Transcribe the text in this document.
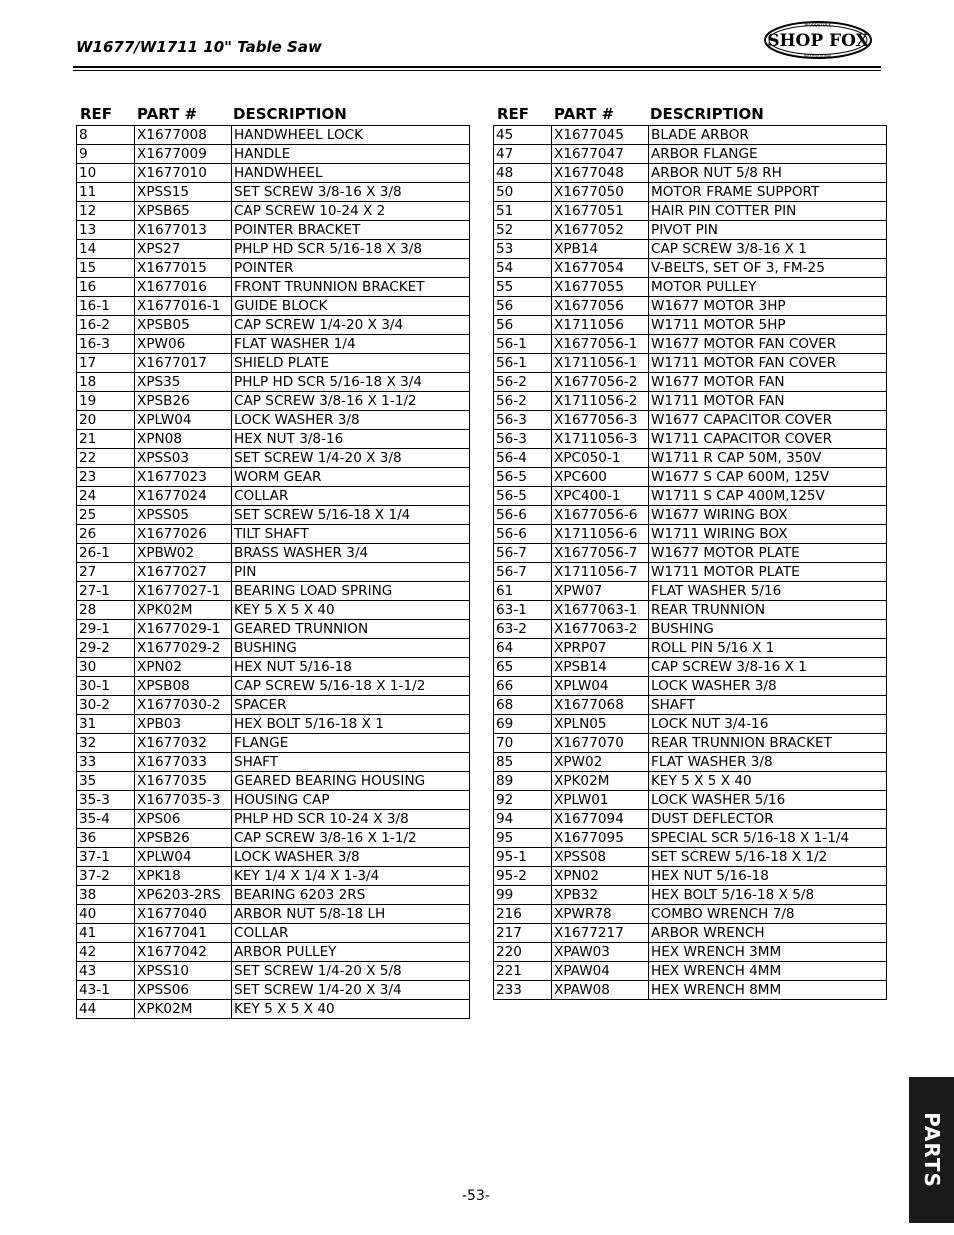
W1677/W1711 10" Table Saw	SHOP FOX
WOODSTOCK
INTERNATIONAL
REF PART # DESCRIPTION
8	X1677008	HANDWHEEL LOCK
9	X1677009	HANDLE
10	X1677010	HANDWHEEL
11	XPSS15	SET SCREW 3/8-16 X 3/8
12	XPSB65	CAP SCREW 10-24 X 2
13	X1677013	POINTER BRACKET
14	XPS27	PHLP HD SCR 5/16-18 X 3/8
15	X1677015	POINTER
16	X1677016	FRONT TRUNNION BRACKET
16-1	X1677016-1	GUIDE BLOCK
16-2	XPSB05	CAP SCREW 1/4-20 X 3/4
16-3	XPW06	FLAT WASHER 1/4
17	X1677017	SHIELD PLATE
18	XPS35	PHLP HD SCR 5/16-18 X 3/4
19	XPSB26	CAP SCREW 3/8-16 X 1-1/2
20	XPLW04	LOCK WASHER 3/8
21	XPN08	HEX NUT 3/8-16
22	XPSS03	SET SCREW 1/4-20 X 3/8
23	X1677023	WORM GEAR
24	X1677024	COLLAR
25	XPSS05	SET SCREW 5/16-18 X 1/4
26	X1677026	TILT SHAFT
26-1	XPBW02	BRASS WASHER 3/4
27	X1677027	PIN
27-1	X1677027-1	BEARING LOAD SPRING
28	XPK02M	KEY 5 X 5 X 40
29-1	X1677029-1	GEARED TRUNNION
29-2	X1677029-2	BUSHING
30	XPN02	HEX NUT 5/16-18
30-1	XPSB08	CAP SCREW 5/16-18 X 1-1/2
30-2	X1677030-2	SPACER
31	XPB03	HEX BOLT 5/16-18 X 1
32	X1677032	FLANGE
33	X1677033	SHAFT
35	X1677035	GEARED BEARING HOUSING
35-3	X1677035-3	HOUSING CAP
35-4	XPS06	PHLP HD SCR 10-24 X 3/8
36	XPSB26	CAP SCREW 3/8-16 X 1-1/2
37-1	XPLW04	LOCK WASHER 3/8
37-2	XPK18	KEY 1/4 X 1/4 X 1-3/4
38	XP6203-2RS	BEARING 6203 2RS
40	X1677040	ARBOR NUT 5/8-18 LH
41	X1677041	COLLAR
42	X1677042	ARBOR PULLEY
43	XPSS10	SET SCREW 1/4-20 X 5/8
43-1	XPSS06	SET SCREW 1/4-20 X 3/4
44	XPK02M	KEY 5 X 5 X 40
REF PART # DESCRIPTION
45	X1677045	BLADE ARBOR
47	X1677047	ARBOR FLANGE
48	X1677048	ARBOR NUT 5/8 RH
50	X1677050	MOTOR FRAME SUPPORT
51	X1677051	HAIR PIN COTTER PIN
52	X1677052	PIVOT PIN
53	XPB14	CAP SCREW 3/8-16 X 1
54	X1677054	V-BELTS, SET OF 3, FM-25
55	X1677055	MOTOR PULLEY
56	X1677056	W1677 MOTOR 3HP
56	X1711056	W1711 MOTOR 5HP
56-1	X1677056-1	W1677 MOTOR FAN COVER
56-1	X1711056-1	W1711 MOTOR FAN COVER
56-2	X1677056-2	W1677 MOTOR FAN
56-2	X1711056-2	W1711 MOTOR FAN
56-3	X1677056-3	W1677 CAPACITOR COVER
56-3	X1711056-3	W1711 CAPACITOR COVER
56-4	XPC050-1	W1711 R CAP 50M, 350V
56-5	XPC600	W1677 S CAP 600M, 125V
56-5	XPC400-1	W1711 S CAP 400M,125V
56-6	X1677056-6	W1677 WIRING BOX
56-6	X1711056-6	W1711 WIRING BOX
56-7	X1677056-7	W1677 MOTOR PLATE
56-7	X1711056-7	W1711 MOTOR PLATE
61	XPW07	FLAT WASHER 5/16
63-1	X1677063-1	REAR TRUNNION
63-2	X1677063-2	BUSHING
64	XPRP07	ROLL PIN 5/16 X 1
65	XPSB14	CAP SCREW 3/8-16 X 1
66	XPLW04	LOCK WASHER 3/8
68	X1677068	SHAFT
69	XPLN05	LOCK NUT 3/4-16
70	X1677070	REAR TRUNNION BRACKET
85	XPW02	FLAT WASHER 3/8
89	XPK02M	KEY 5 X 5 X 40
92	XPLW01	LOCK WASHER 5/16
94	X1677094	DUST DEFLECTOR
95	X1677095	SPECIAL SCR 5/16-18 X 1-1/4
95-1	XPSS08	SET SCREW 5/16-18 X 1/2
95-2	XPN02	HEX NUT 5/16-18
99	XPB32	HEX BOLT 5/16-18 X 5/8
216	XPWR78	COMBO WRENCH 7/8
217	X1677217	ARBOR WRENCH
220	XPAW03	HEX WRENCH 3MM
221	XPAW04	HEX WRENCH 4MM
233	XPAW08	HEX WRENCH 8MM
-53-
PARTS
